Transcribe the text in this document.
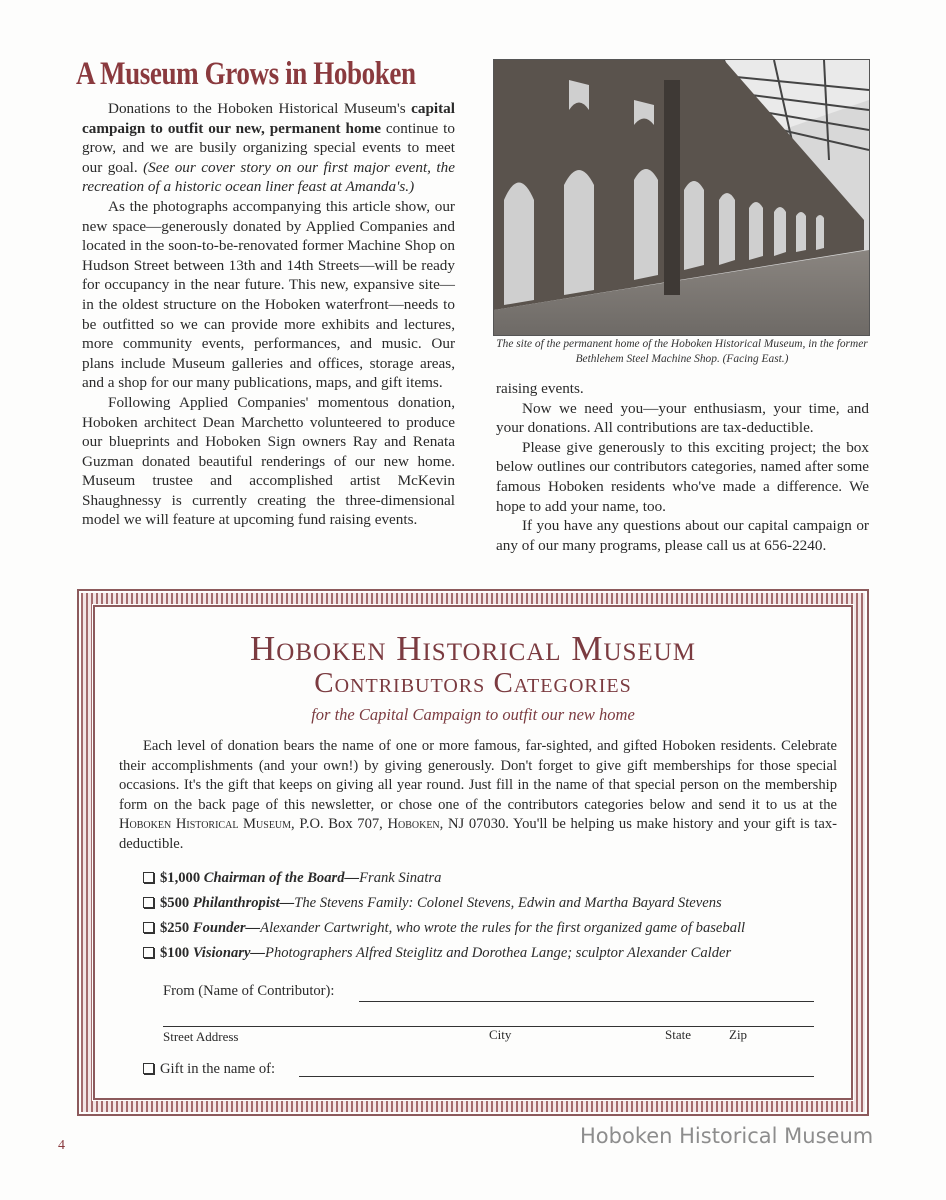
A Museum Grows in Hoboken

Donations to the Hoboken Historical Museum's capital campaign to outfit our new, permanent home continue to grow, and we are busily organizing special events to meet our goal. (See our cover story on our first major event, the recreation of a historic ocean liner feast at Amanda's.)

As the photographs accompanying this article show, our new space—generously donated by Applied Companies and located in the soon-to-be-renovated former Machine Shop on Hudson Street between 13th and 14th Streets—will be ready for occupancy in the near future. This new, expansive site—in the oldest structure on the Hoboken waterfront—needs to be outfitted so we can provide more exhibits and lectures, more community events, performances, and music. Our plans include Museum galleries and offices, storage areas, and a shop for our many publications, maps, and gift items.

Following Applied Companies' momentous donation, Hoboken architect Dean Marchetto volunteered to produce our blueprints and Hoboken Sign owners Ray and Renata Guzman donated beautiful renderings of our new home. Museum trustee and accomplished artist McKevin Shaughnessy is currently creating the three-dimensional model we will feature at upcoming fund raising events.

The site of the permanent home of the Hoboken Historical Museum, in the former Bethlehem Steel Machine Shop. (Facing East.)

raising events.

Now we need you—your enthusiasm, your time, and your donations. All contributions are tax-deductible.

Please give generously to this exciting project; the box below outlines our contributors categories, named after some famous Hoboken residents who've made a difference. We hope to add your name, too.

If you have any questions about our capital campaign or any of our many programs, please call us at 656-2240.

Hoboken Historical Museum
Contributors Categories
for the Capital Campaign to outfit our new home
Each level of donation bears the name of one or more famous, far-sighted, and gifted Hoboken residents. Celebrate their accomplishments (and your own!) by giving generously. Don't forget to give gift memberships for those special occasions. It's the gift that keeps on giving all year round. Just fill in the name of that special person on the membership form on the back page of this newsletter, or chose one of the contributors categories below and send it to us at the Hoboken Historical Museum, P.O. Box 707, Hoboken, NJ 07030. You'll be helping us make history and your gift is tax-deductible.
$1,000 Chairman of the Board—Frank Sinatra
$500 Philanthropist—The Stevens Family: Colonel Stevens, Edwin and Martha Bayard Stevens
$250 Founder—Alexander Cartwright, who wrote the rules for the first organized game of baseball
$100 Visionary—Photographers Alfred Steiglitz and Dorothea Lange; sculptor Alexander Calder
From (Name of Contributor):
Street Address	City	State	Zip
Gift in the name of:
4	Hoboken Historical Museum
